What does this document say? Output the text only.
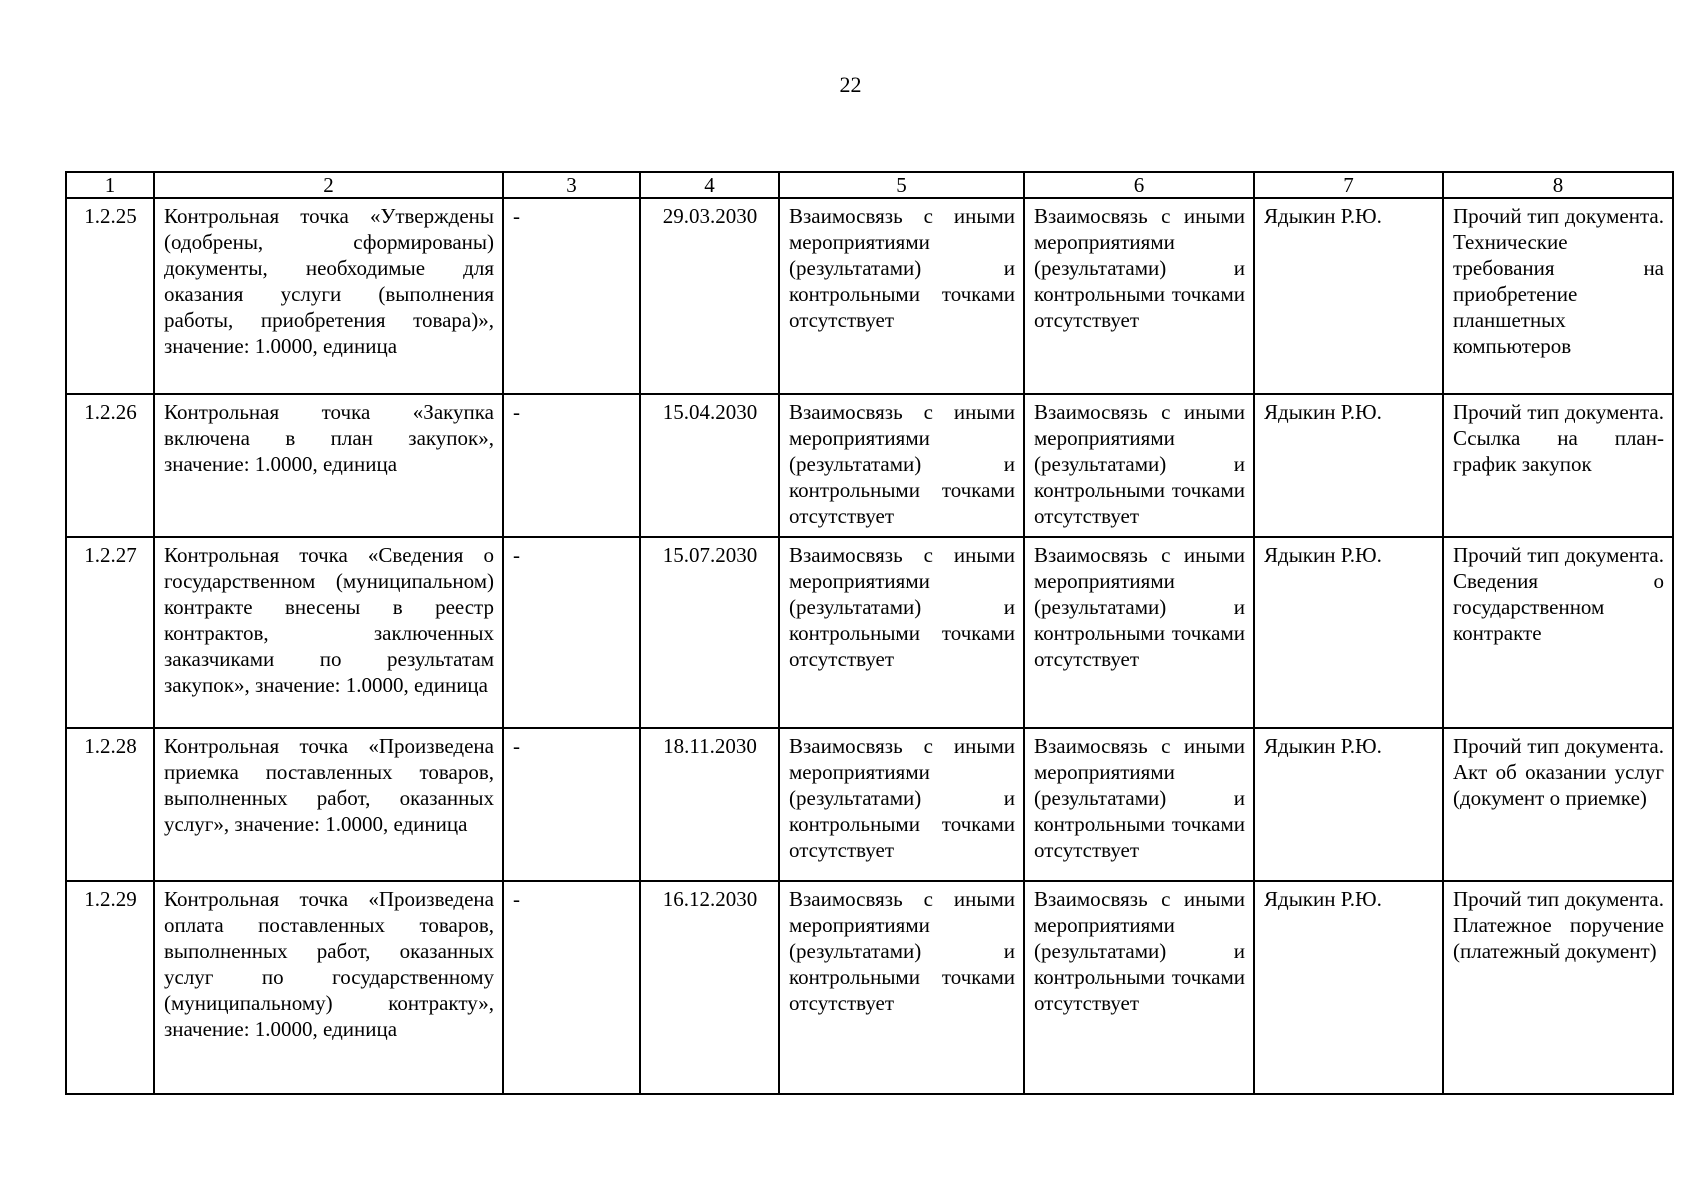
22
1	2	3	4	5	6	7	8
1.2.25	Контрольная точка «Утверждены (одобрены, сформированы) документы, необходимые для оказания услуги (выполнения работы, приобретения товара)», значение: 1.0000, единица	-	29.03.2030	Взаимосвязь с иными мероприятиями (результатами) и контрольными точками отсутствует	Взаимосвязь с иными мероприятиями (результатами) и контрольными точками отсутствует	Ядыкин Р.Ю.	Прочий тип документа. Технические требования на приобретение планшетных компьютеров
1.2.26	Контрольная точка «Закупка включена в план закупок», значение: 1.0000, единица	-	15.04.2030	Взаимосвязь с иными мероприятиями (результатами) и контрольными точками отсутствует	Взаимосвязь с иными мероприятиями (результатами) и контрольными точками отсутствует	Ядыкин Р.Ю.	Прочий тип документа. Ссылка на план-график закупок
1.2.27	Контрольная точка «Сведения о государственном (муниципальном) контракте внесены в реестр контрактов, заключенных заказчиками по результатам закупок», значение: 1.0000, единица	-	15.07.2030	Взаимосвязь с иными мероприятиями (результатами) и контрольными точками отсутствует	Взаимосвязь с иными мероприятиями (результатами) и контрольными точками отсутствует	Ядыкин Р.Ю.	Прочий тип документа. Сведения о государственном контракте
1.2.28	Контрольная точка «Произведена приемка поставленных товаров, выполненных работ, оказанных услуг», значение: 1.0000, единица	-	18.11.2030	Взаимосвязь с иными мероприятиями (результатами) и контрольными точками отсутствует	Взаимосвязь с иными мероприятиями (результатами) и контрольными точками отсутствует	Ядыкин Р.Ю.	Прочий тип документа. Акт об оказании услуг (документ о приемке)
1.2.29	Контрольная точка «Произведена оплата поставленных товаров, выполненных работ, оказанных услуг по государственному (муниципальному) контракту», значение: 1.0000, единица	-	16.12.2030	Взаимосвязь с иными мероприятиями (результатами) и контрольными точками отсутствует	Взаимосвязь с иными мероприятиями (результатами) и контрольными точками отсутствует	Ядыкин Р.Ю.	Прочий тип документа. Платежное поручение (платежный документ)
